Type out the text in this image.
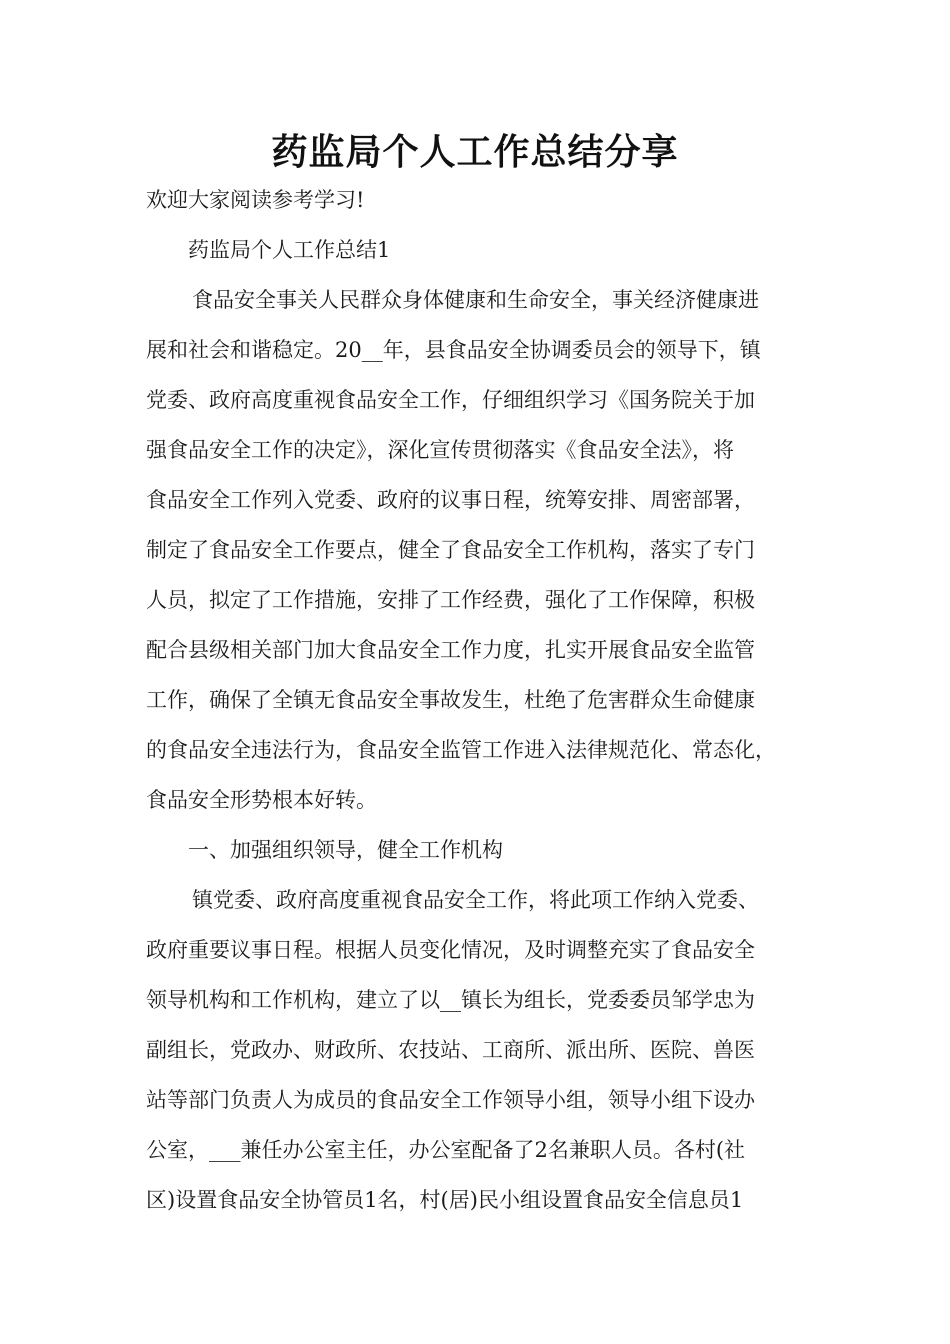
药监局个人工作总结分享
欢迎大家阅读参考学习!
药监局个人工作总结1
食品安全事关人民群众身体健康和生命安全，事关经济健康进
展和社会和谐稳定。20__年，县食品安全协调委员会的领导下，镇
党委、政府高度重视食品安全工作，仔细组织学习《国务院关于加
强食品安全工作的决定》，深化宣传贯彻落实《食品安全法》，将
食品安全工作列入党委、政府的议事日程，统筹安排、周密部署，
制定了食品安全工作要点，健全了食品安全工作机构，落实了专门
人员，拟定了工作措施，安排了工作经费，强化了工作保障，积极
配合县级相关部门加大食品安全工作力度，扎实开展食品安全监管
工作，确保了全镇无食品安全事故发生，杜绝了危害群众生命健康
的食品安全违法行为，食品安全监管工作进入法律规范化、常态化，
食品安全形势根本好转。
一、加强组织领导，健全工作机构
镇党委、政府高度重视食品安全工作，将此项工作纳入党委、
政府重要议事日程。根据人员变化情况，及时调整充实了食品安全
领导机构和工作机构，建立了以__镇长为组长，党委委员邹学忠为
副组长，党政办、财政所、农技站、工商所、派出所、医院、兽医
站等部门负责人为成员的食品安全工作领导小组，领导小组下设办
公室，___兼任办公室主任，办公室配备了2名兼职人员。各村(社
区)设置食品安全协管员1名，村(居)民小组设置食品安全信息员1
